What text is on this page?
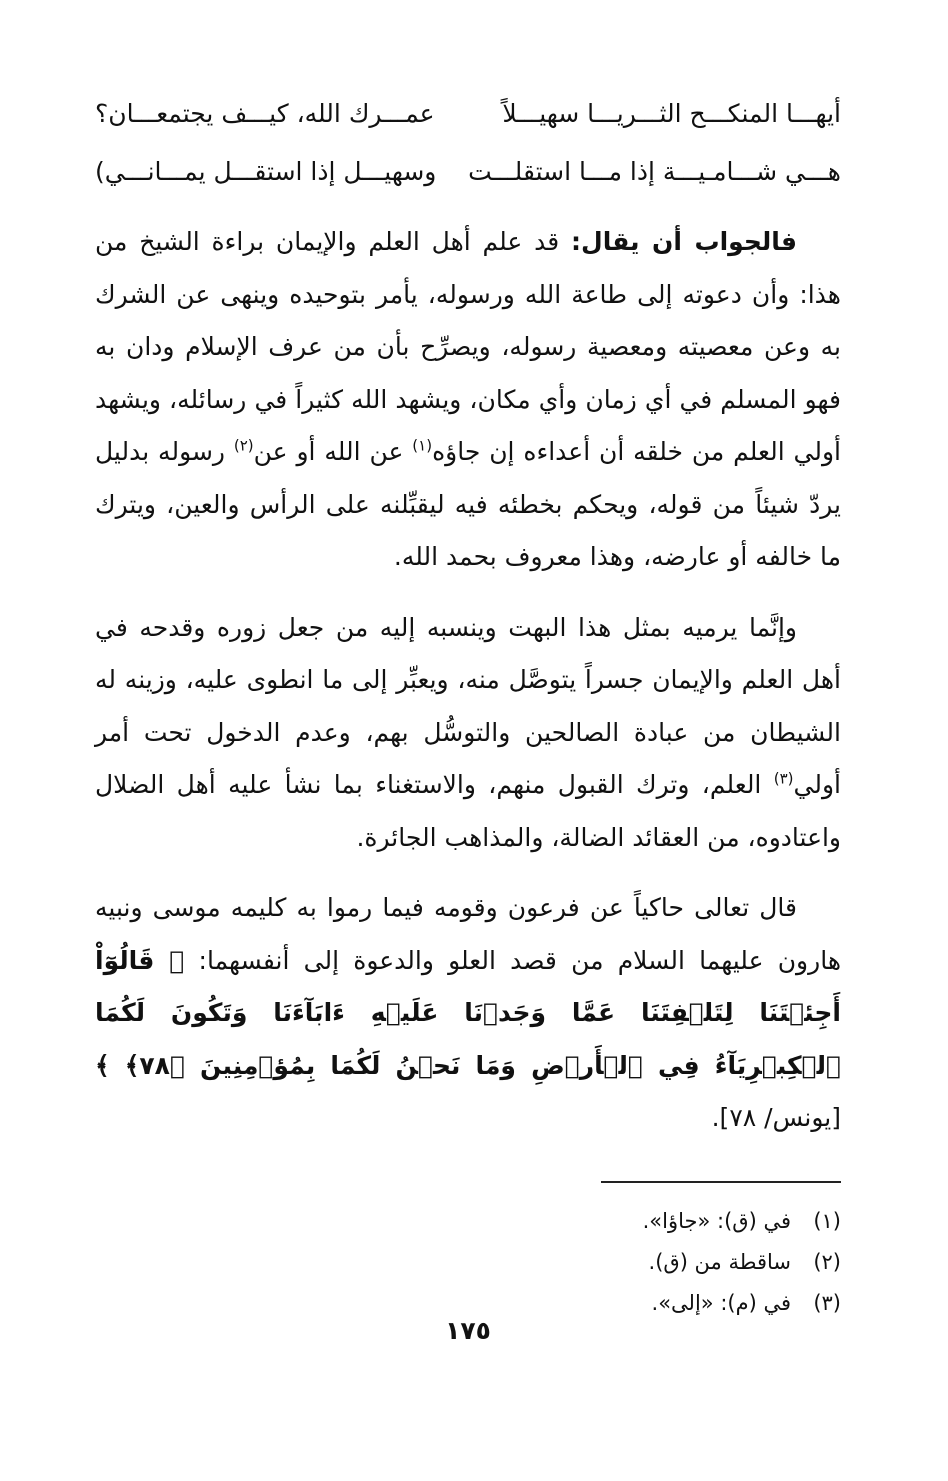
أيهـــا المنكـــح الثـــريـــا سهيـــلاً
عمـــرك الله، كيـــف يجتمعـــان؟
هـــي شـــامـيـــة إذا مـــا استقلـــت
وسهيـــل إذا استقـــل يمـــانـــي)

فالجواب أن يقال: قد علم أهل العلم والإيمان براءة الشيخ من هذا: وأن دعوته إلى طاعة الله ورسوله، يأمر بتوحيده وينهى عن الشرك به وعن معصيته ومعصية رسوله، ويصرِّح بأن من عرف الإسلام ودان به فهو المسلم في أي زمان وأي مكان، ويشهد الله كثيراً في رسائله، ويشهد أولي العلم من خلقه أن أعداءه إن جاؤه$^{(١)}$ عن الله أو عن$^{(٢)}$ رسوله بدليل يردّ شيئاً من قوله، ويحكم بخطئه فيه ليقبِّلنه على الرأس والعين، ويترك ما خالفه أو عارضه، وهذا معروف بحمد الله.

وإنَّما يرميه بمثل هذا البهت وينسبه إليه من جعل زوره وقدحه في أهل العلم والإيمان جسراً يتوصَّل منه، ويعبِّر إلى ما انطوى عليه، وزينه له الشيطان من عبادة الصالحين والتوسُّل بهم، وعدم الدخول تحت أمر أولي$^{(٣)}$ العلم، وترك القبول منهم، والاستغناء بما نشأ عليه أهل الضلال واعتادوه، من العقائد الضالة، والمذاهب الجائرة.

قال تعالى حاكياً عن فرعون وقومه فيما رموا به كليمه موسى ونبيه هارون عليهما السلام من قصد العلو والدعوة إلى أنفسهما: ﴿ قَالُوٓاْ أَجِئۡتَنَا لِتَلۡفِتَنَا عَمَّا وَجَدۡنَا عَلَيۡهِ ءَابَآءَنَا وَتَكُونَ لَكُمَا ٱلۡكِبۡرِيَآءُ فِي ٱلۡأَرۡضِ وَمَا نَحۡنُ لَكُمَا بِمُؤۡمِنِينَ ﴿٧٨﴾ ﴾ [يونس/ ٧٨].

(١)في (ق): «جاؤا».
(٢)ساقطة من (ق).
(٣)في (م): «إلى».
١٧٥
